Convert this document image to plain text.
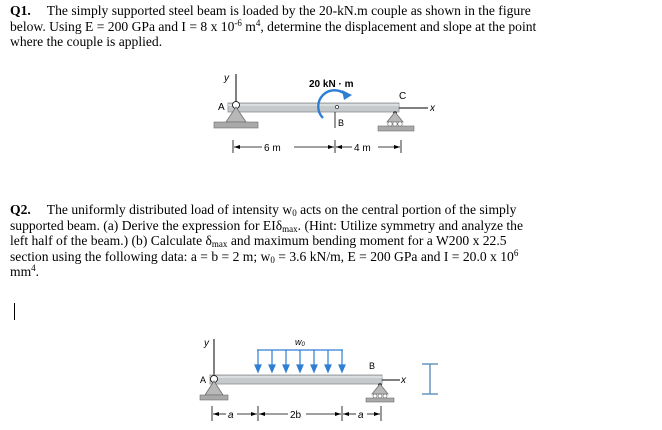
Q1. The simply supported steel beam is loaded by the 20-kN.m couple as shown in the figure
below. Using E = 200 GPa and I = 8 x $10^{-6}$ $m^4$, determine the displacement and slope at the point
where the couple is applied.
y
x
A
C
B
20 kN · m
6 m	4 m
Q2. The uniformly distributed load of intensity $w_0$ acts on the central portion of the simply
supported beam. (a) Derive the expression for EIδ$_{max}$. (Hint: Utilize symmetry and analyze the
left half of the beam.) (b) Calculate $\delta_{max}$ and maximum bending moment for a W200 x 22.5
section using the following data: a = b = 2 m; $w_0 = 3.6$ kN/m, E = 200 GPa and I = 20.0 x $10^6$
$mm^4$.
y
x
w0
A
B
a	2b	a
